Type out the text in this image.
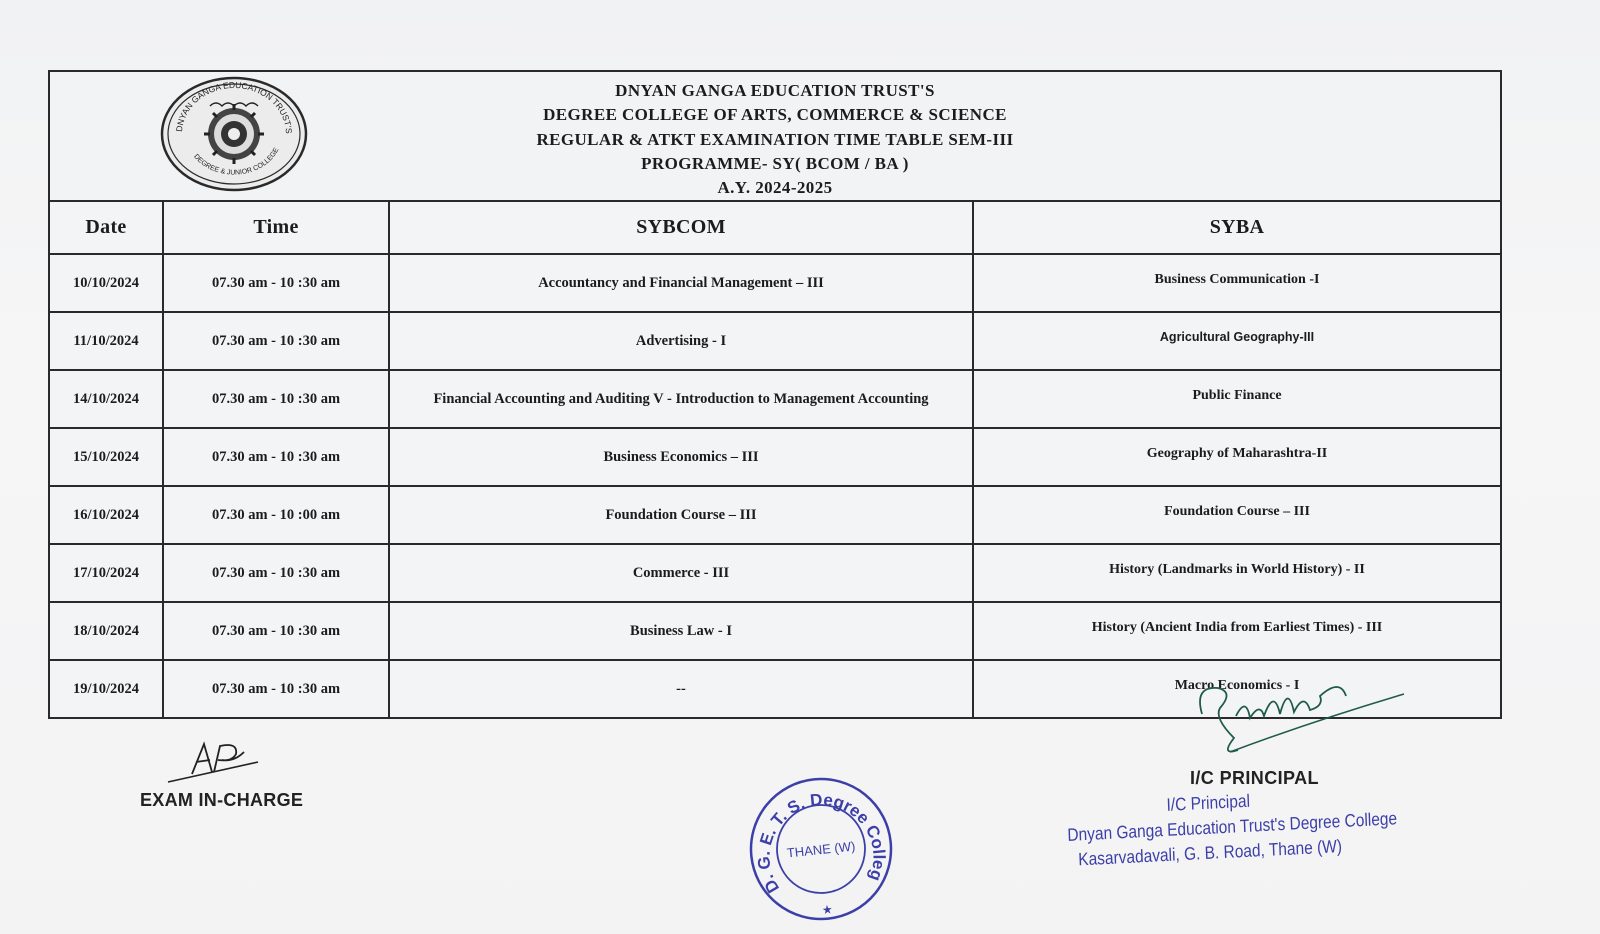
DNYAN GANGA EDUCATION TRUST'S
DEGREE & JUNIOR COLLEGE
DNYAN GANGA EDUCATION TRUST'S
DEGREE COLLEGE OF ARTS, COMMERCE & SCIENCE
REGULAR & ATKT EXAMINATION TIME TABLE SEM-III
PROGRAMME- SY( BCOM / BA )
A.Y. 2024-2025
Date	Time	SYBCOM	SYBA
10/10/2024	07.30 am - 10 :30 am	Accountancy and Financial Management – III	Business Communication -I
11/10/2024	07.30 am - 10 :30 am	Advertising - I	Agricultural Geography-III
14/10/2024	07.30 am - 10 :30 am	Financial Accounting and Auditing V - Introduction to Management Accounting	Public Finance
15/10/2024	07.30 am - 10 :30 am	Business Economics – III	Geography of Maharashtra-II
16/10/2024	07.30 am - 10 :00 am	Foundation Course – III	Foundation Course – III
17/10/2024	07.30 am - 10 :30 am	Commerce - III	History (Landmarks in World History) - II
18/10/2024	07.30 am - 10 :30 am	Business Law - I	History (Ancient India from Earliest Times) - III
19/10/2024	07.30 am - 10 :30 am	--	Macro Economics - I
EXAM IN-CHARGE
D. G. E. T. S. Degree College
THANE (W)
★
I/C PRINCIPAL
I/C Principal
Dnyan Ganga Education Trust's Degree College
Kasarvadavali, G. B. Road, Thane (W)
